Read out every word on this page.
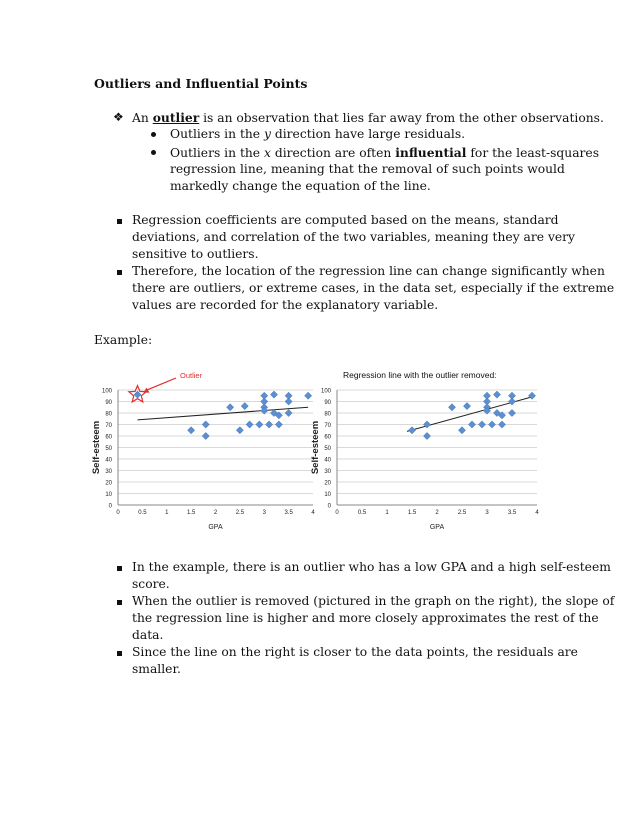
Outliers and Influential Points
❖ An outlier is an observation that lies far away from the other observations.
Outliers in the y direction have large residuals.
Outliers in the x direction are often influential for the least-squares
regression line, meaning that the removal of such points would
markedly change the equation of the line.
Regression coefficients are computed based on the means, standard
deviations, and correlation of the two variables, meaning they are very
sensitive to outliers.
Therefore, the location of the regression line can change significantly when
there are outliers, or extreme cases, in the data set, especially if the extreme
values are recorded for the explanatory variable.
Example:
0
10
20
30
40
50
60
70
80
90
100
0	0.5	1	1.5	2	2.5	3	3.5	4
GPA
Self-esteem
Outlier
0
10
20
30
40
50
60
70
80
90
100
0	0.5	1	1.5	2	2.5	3	3.5	4
GPA
Self-esteem
Regression line with the outlier removed:
In the example, there is an outlier who has a low GPA and a high self-esteem
score.
When the outlier is removed (pictured in the graph on the right), the slope of
the regression line is higher and more closely approximates the rest of the
data.
Since the line on the right is closer to the data points, the residuals are
smaller.
